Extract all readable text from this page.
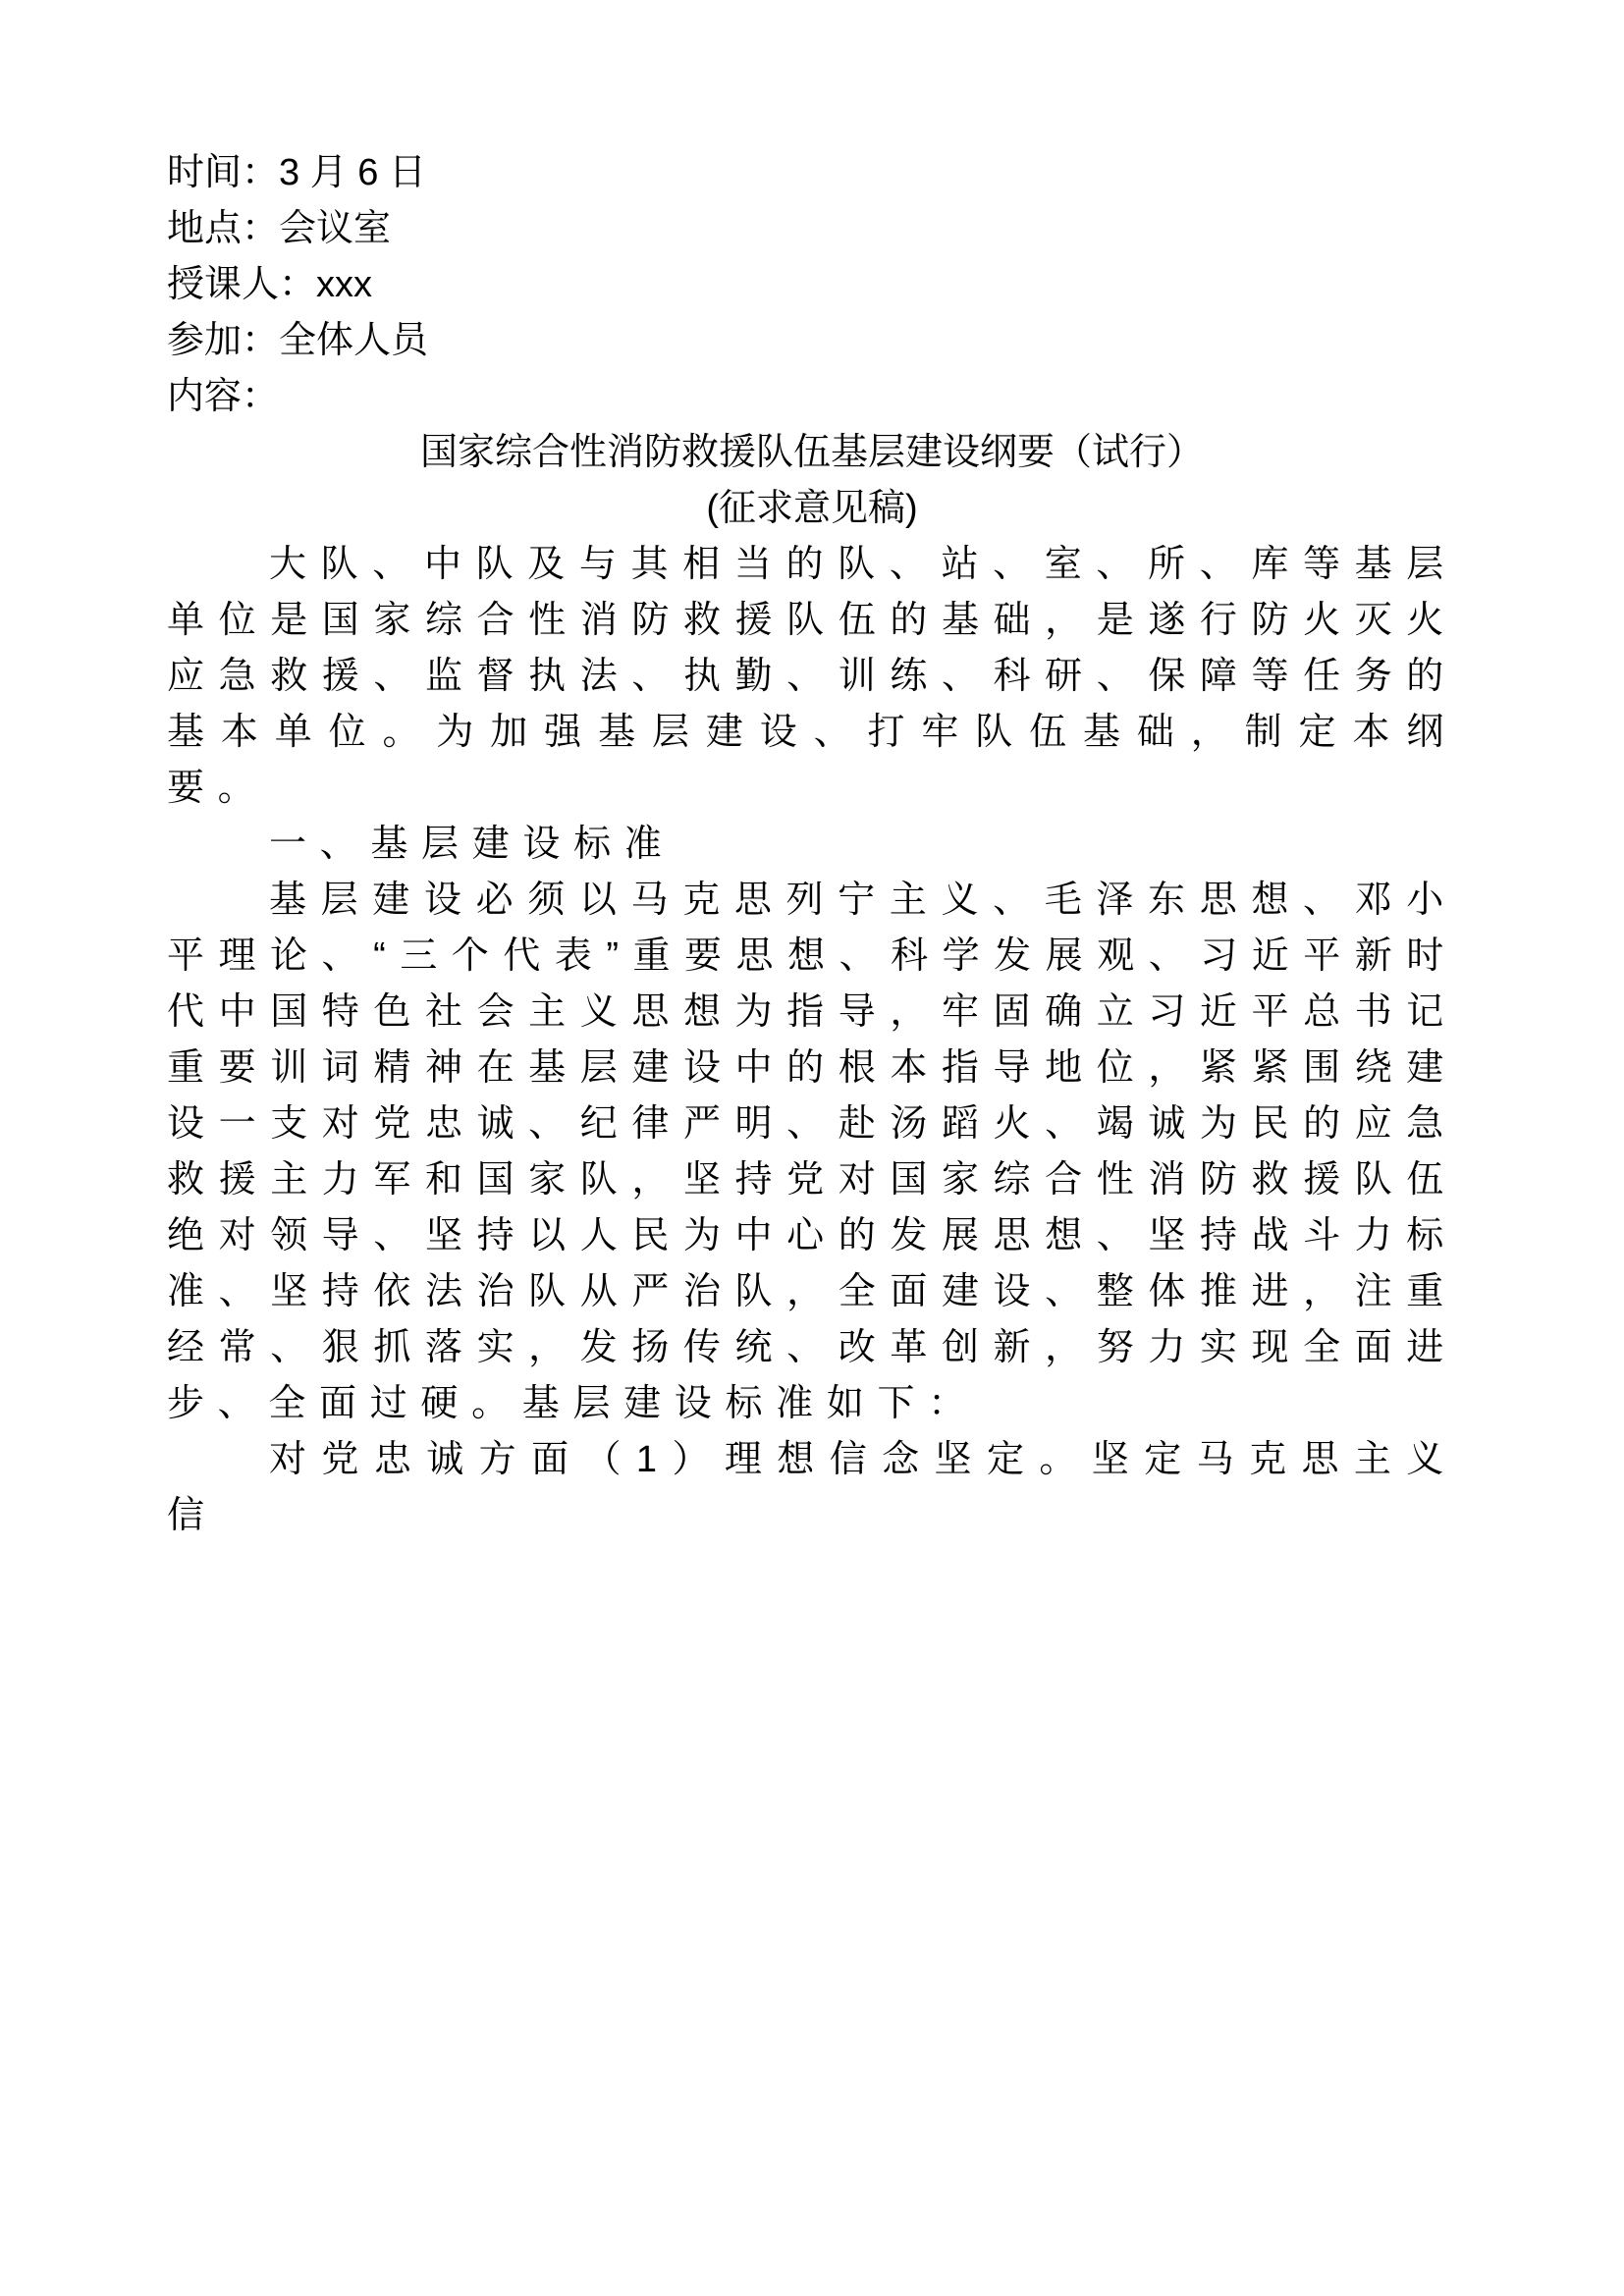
时间：3 月 6 日

地点：会议室

授课人：xxx

参加：全体人员

内容：

国家综合性消防救援队伍基层建设纲要（试行）

(征求意见稿)

大队、中队及与其相当的队、站、室、所、库等基层单位是国家综合性消防救援队伍的基础，是遂行防火灭火应急救援、监督执法、执勤、训练、科研、保障等任务的基本单位。为加强基层建设、打牢队伍基础，制定本纲要。

一、基层建设标准

基层建设必须以马克思列宁主义、毛泽东思想、邓小平理论、“三个代表”重要思想、科学发展观、习近平新时代中国特色社会主义思想为指导，牢固确立习近平总书记重要训词精神在基层建设中的根本指导地位，紧紧围绕建设一支对党忠诚、纪律严明、赴汤蹈火、竭诚为民的应急救援主力军和国家队，坚持党对国家综合性消防救援队伍绝对领导、坚持以人民为中心的发展思想、坚持战斗力标准、坚持依法治队从严治队，全面建设、整体推进，注重经常、狠抓落实，发扬传统、改革创新，努力实现全面进步、全面过硬。基层建设标准如下：

对党忠诚方面（1）理想信念坚定。坚定马克思主义信
